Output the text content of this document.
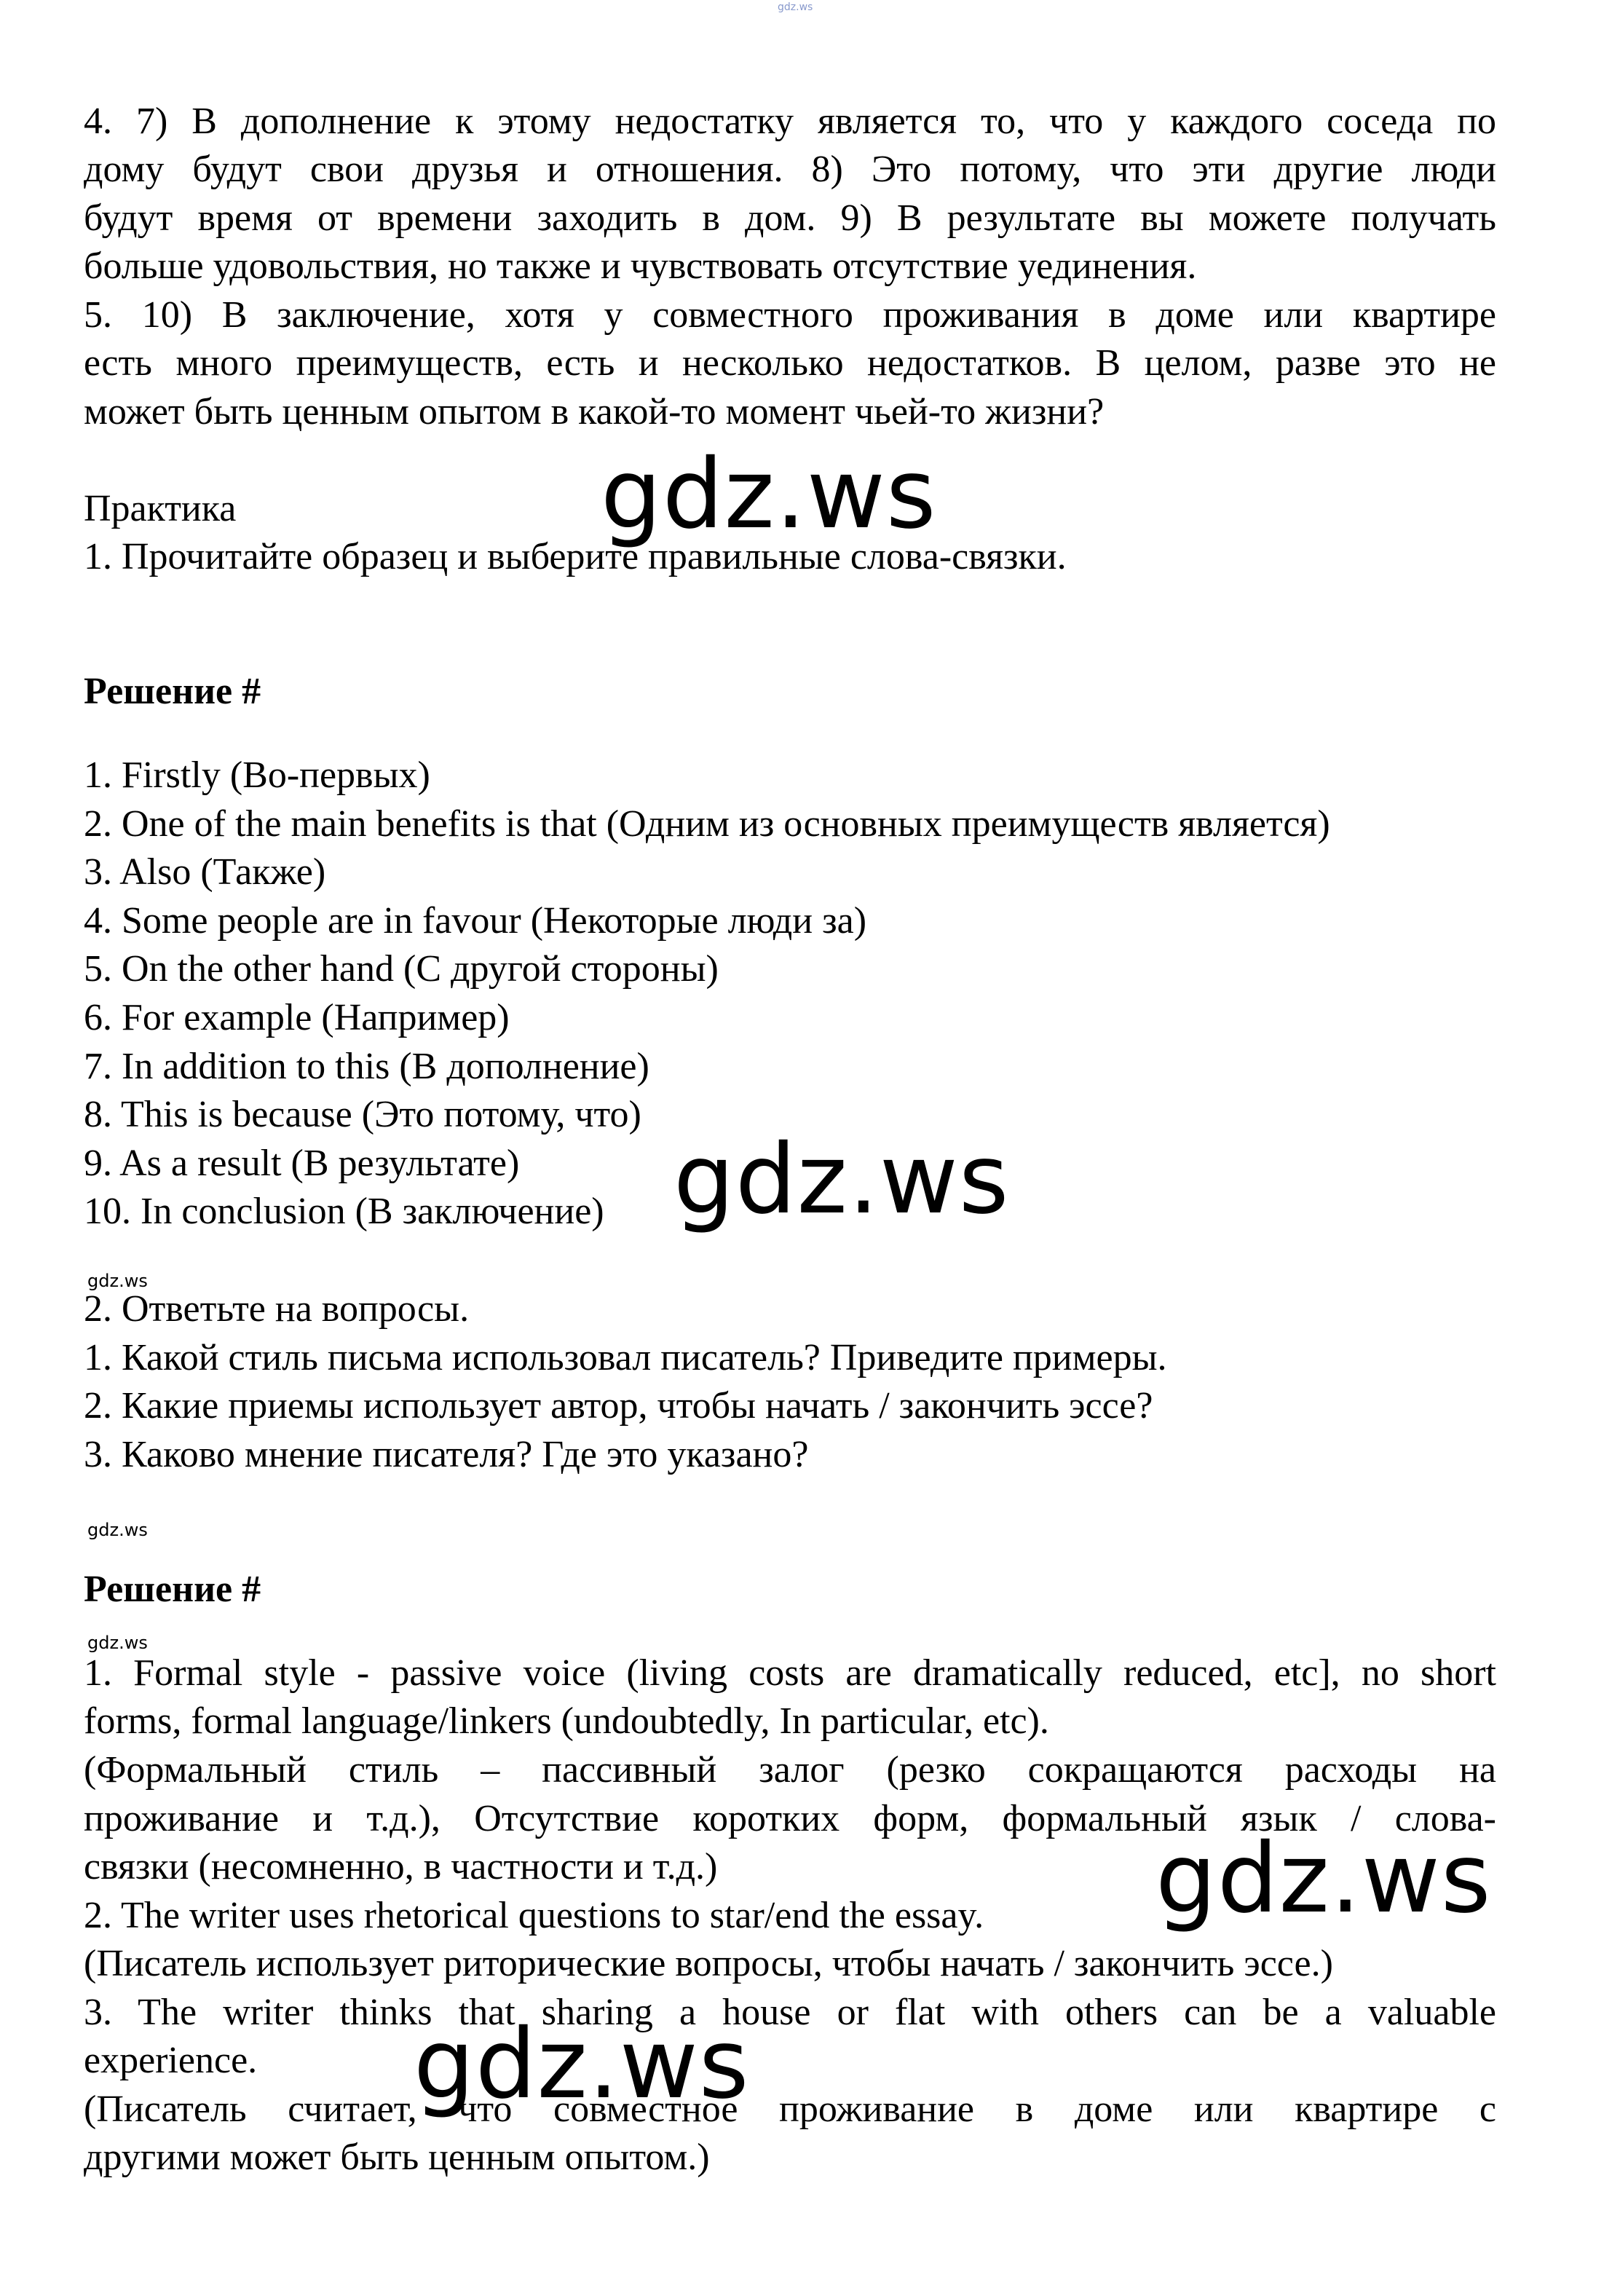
gdz.ws
4. 7) В дополнение к этому недостатку является то, что у каждого соседа по
дому будут свои друзья и отношения. 8) Это потому, что эти другие люди
будут время от времени заходить в дом. 9) В результате вы можете получать
больше удовольствия, но также и чувствовать отсутствие уединения.
5. 10) В заключение, хотя у совместного проживания в доме или квартире
есть много преимуществ, есть и несколько недостатков. В целом, разве это не
может быть ценным опытом в какой-то момент чьей-то жизни?
Практика	gdz.ws
1. Прочитайте образец и выберите правильные слова-связки.
Решение #
1. Firstly (Во-первых)
2. One of the main benefits is that (Одним из основных преимуществ является)
3. Also (Также)
4. Some people are in favour (Некоторые люди за)
5. On the other hand (С другой стороны)
6. For example (Например)
7. In addition to this (В дополнение)
8. This is because (Это потому, что)
9. As a result (В результате)
10. In conclusion (В заключение) gdz.ws
gdz.ws
2. Ответьте на вопросы.
1. Какой стиль письма использовал писатель? Приведите примеры.
2. Какие приемы использует автор, чтобы начать / закончить эссе?
3. Каково мнение писателя? Где это указано?
gdz.ws
Решение #
gdz.ws
1. Formal style - passive voice (living costs are dramatically reduced, etc], no short
forms, formal language/linkers (undoubtedly, In particular, etc).
(Формальный стиль – пассивный залог (резко сокращаются расходы на
проживание и т.д.), Отсутствие коротких форм, формальный язык / слова-
связки (несомненно, в частности и т.д.)	gdz.ws
2. The writer uses rhetorical questions to star/end the essay.
(Писатель использует риторические вопросы, чтобы начать / закончить эссе.)
3. The writer thinks that sharing a house or flat with others can be a valuable
experience. gdz.ws
(Писатель считает, что совместное проживание в доме или квартире с
другими может быть ценным опытом.)
